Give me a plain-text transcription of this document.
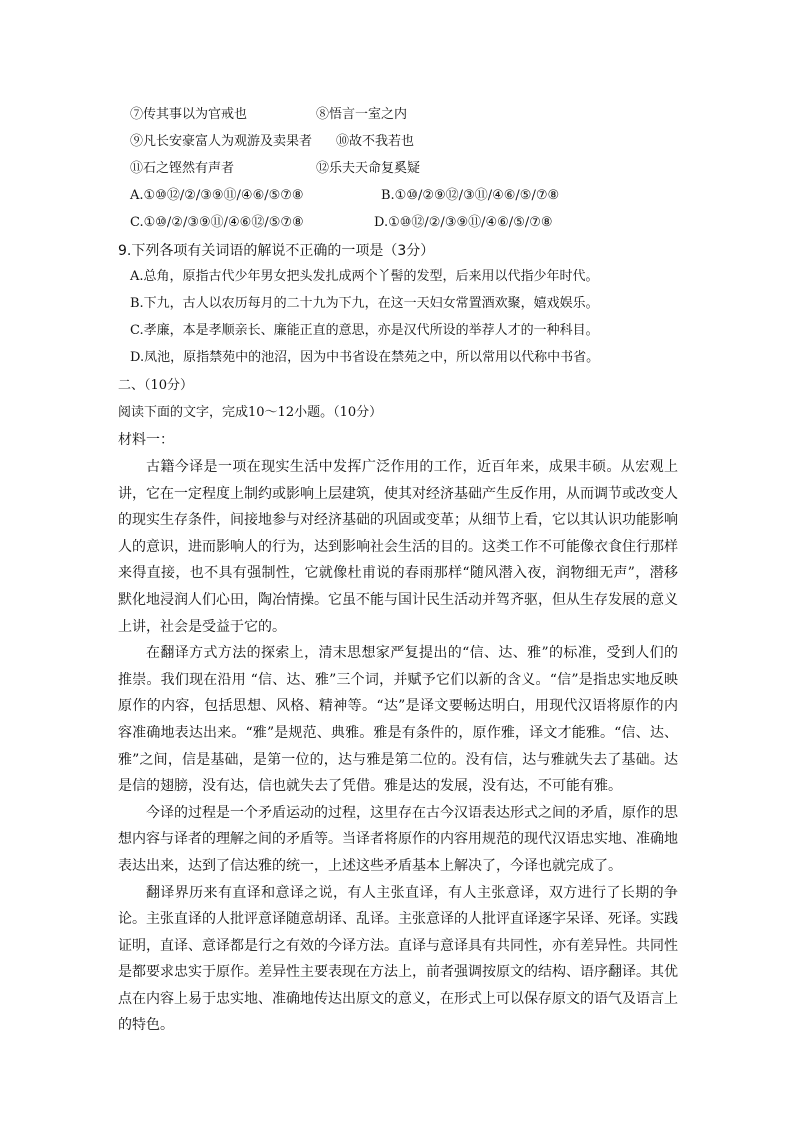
⑦传其事以为官戒也	⑧悟言一室之内
⑨凡长安豪富人为观游及卖果者 ⑩故不我若也
⑪石之铿然有声者	⑫乐夫天命复奚疑
A.①⑩⑫/②/③⑨⑪/④⑥/⑤⑦⑧	B.①⑩/②⑨⑫/③⑪/④⑥/⑤/⑦⑧
C.①⑩/②/③⑨⑪/④⑥⑫/⑤⑦⑧	D.①⑩⑫/②/③⑨⑪/④⑥/⑤/⑦⑧
9.下列各项有关词语的解说不正确的一项是（3分）
A.总角，原指古代少年男女把头发扎成两个丫髻的发型，后来用以代指少年时代。
B.下九，古人以农历每月的二十九为下九，在这一天妇女常置酒欢聚，嬉戏娱乐。
C.孝廉，本是孝顺亲长、廉能正直的意思，亦是汉代所设的举荐人才的一种科目。
D.凤池，原指禁苑中的池沼，因为中书省设在禁苑之中，所以常用以代称中书省。
二、（10分）
阅读下面的文字，完成10～12小题。（10分）
材料一：

古籍今译是一项在现实生活中发挥广泛作用的工作，近百年来，成果丰硕。从宏观上讲，它在一定程度上制约或影响上层建筑，使其对经济基础产生反作用，从而调节或改变人的现实生存条件，间接地参与对经济基础的巩固或变革；从细节上看，它以其认识功能影响人的意识，进而影响人的行为，达到影响社会生活的目的。这类工作不可能像衣食住行那样来得直接，也不具有强制性，它就像杜甫说的春雨那样“随风潜入夜，润物细无声”，潜移默化地浸润人们心田，陶冶情操。它虽不能与国计民生活动并驾齐驱，但从生存发展的意义上讲，社会是受益于它的。

在翻译方式方法的探索上，清末思想家严复提出的“信、达、雅”的标准，受到人们的推崇。我们现在沿用 “信、达、雅”三个词，并赋予它们以新的含义。“信”是指忠实地反映原作的内容，包括思想、风格、精神等。“达”是译文要畅达明白，用现代汉语将原作的内容准确地表达出来。“雅”是规范、典雅。雅是有条件的，原作雅，译文才能雅。“信、达、雅”之间，信是基础，是第一位的，达与雅是第二位的。没有信，达与雅就失去了基础。达是信的翅膀，没有达，信也就失去了凭借。雅是达的发展，没有达，不可能有雅。

今译的过程是一个矛盾运动的过程，这里存在古今汉语表达形式之间的矛盾，原作的思想内容与译者的理解之间的矛盾等。当译者将原作的内容用规范的现代汉语忠实地、准确地表达出来，达到了信达雅的统一，上述这些矛盾基本上解决了，今译也就完成了。

翻译界历来有直译和意译之说，有人主张直译，有人主张意译，双方进行了长期的争论。主张直译的人批评意译随意胡译、乱译。主张意译的人批评直译逐字呆译、死译。实践证明，直译、意译都是行之有效的今译方法。直译与意译具有共同性，亦有差异性。共同性是都要求忠实于原作。差异性主要表现在方法上，前者强调按原文的结构、语序翻译。其优点在内容上易于忠实地、准确地传达出原文的意义，在形式上可以保存原文的语气及语言上的特色。
